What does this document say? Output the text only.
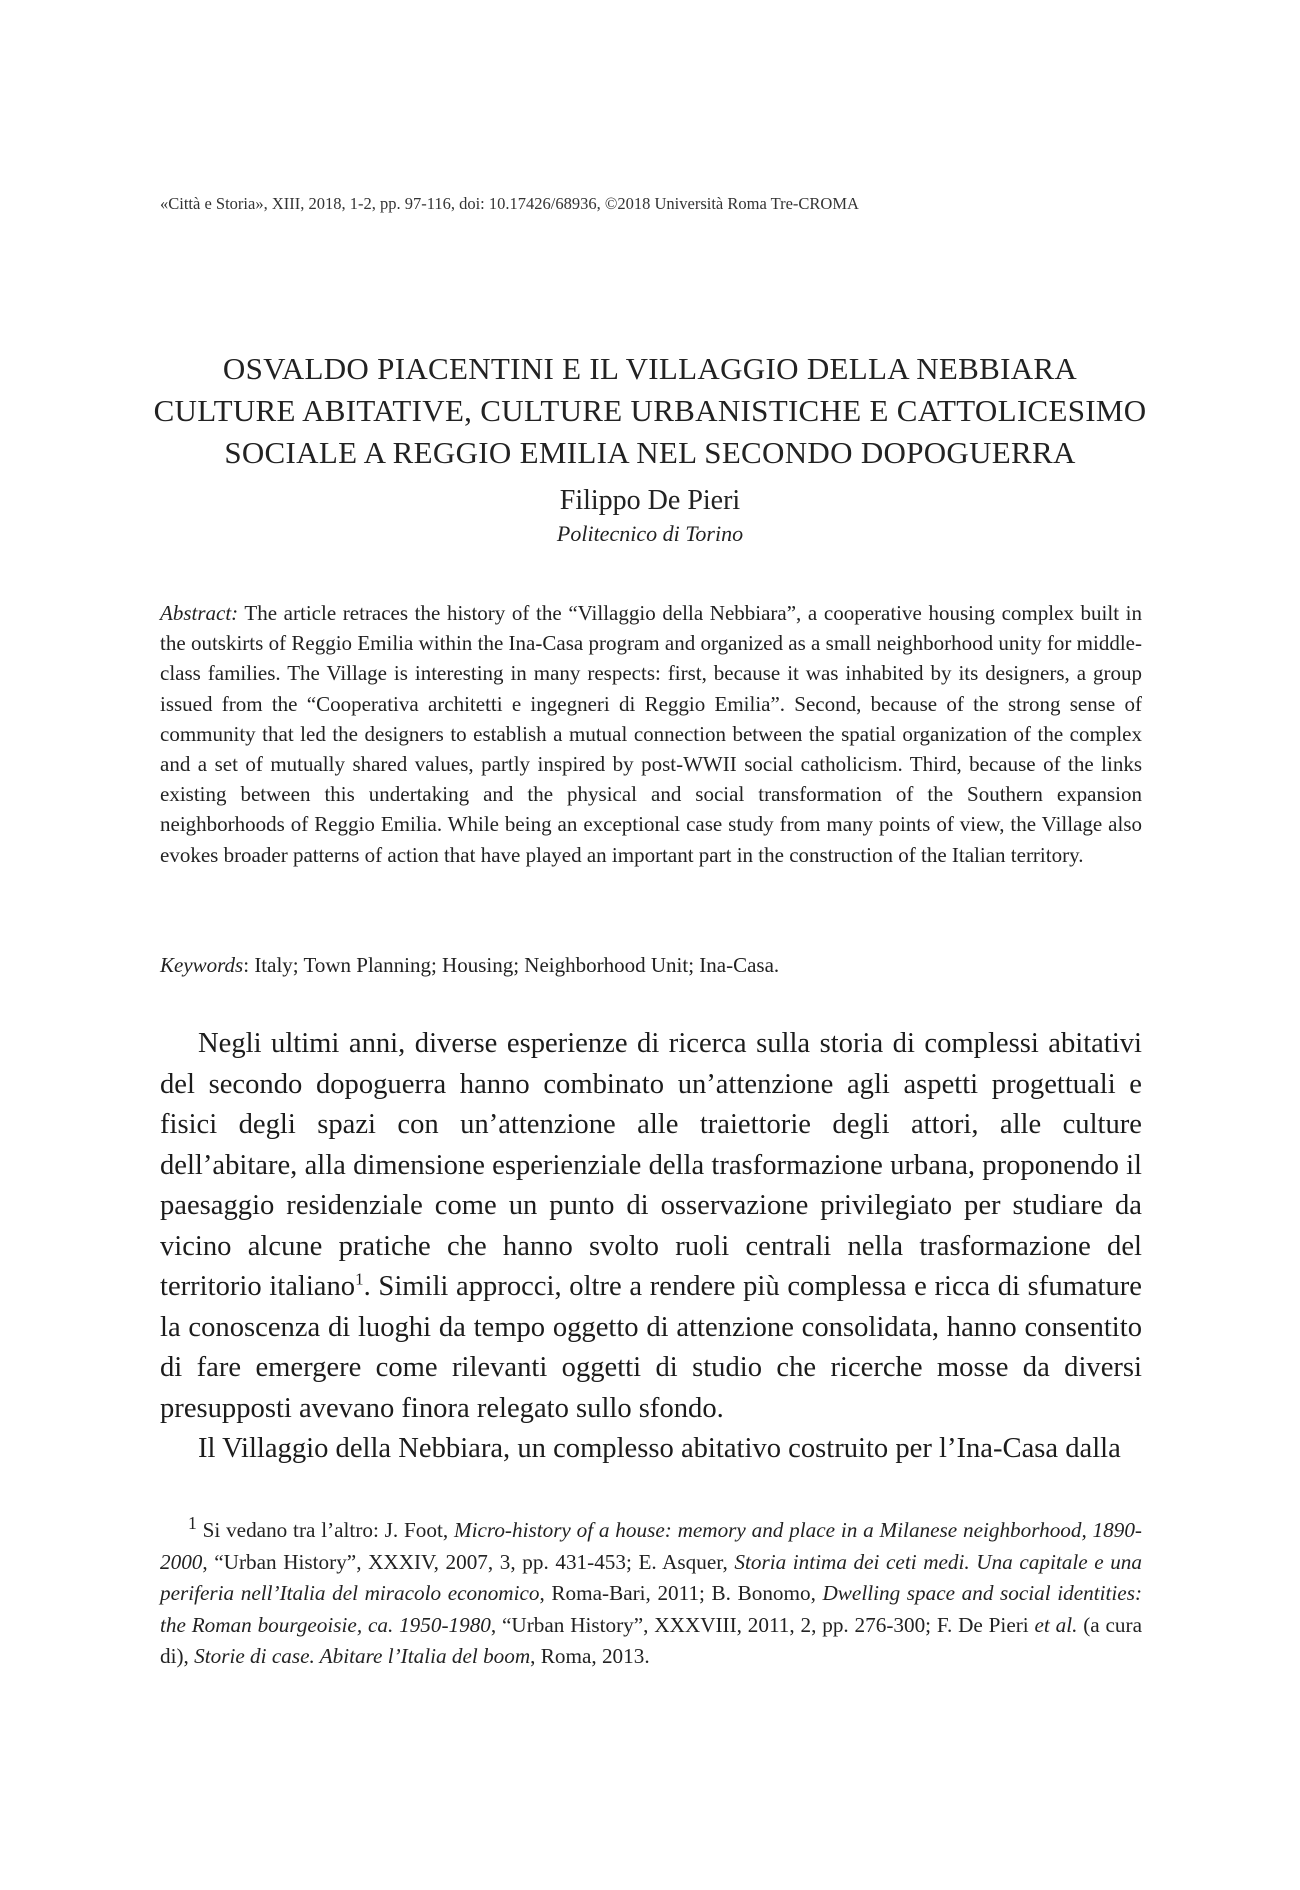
«Città e Storia», XIII, 2018, 1-2, pp. 97-116, doi: 10.17426/68936, ©2018 Università Roma Tre-CROMA
OSVALDO PIACENTINI E IL VILLAGGIO DELLA NEBBIARA
CULTURE ABITATIVE, CULTURE URBANISTICHE E CATTOLICESIMO
SOCIALE A REGGIO EMILIA NEL SECONDO DOPOGUERRA
Filippo De Pieri
Politecnico di Torino
Abstract: The article retraces the history of the “Villaggio della Nebbiara”, a cooperative housing complex built in the outskirts of Reggio Emilia within the Ina-Casa program and organized as a small neighborhood unity for middle-class families. The Village is interesting in many respects: first, because it was inhabited by its designers, a group issued from the “Cooperativa architetti e ingegneri di Reggio Emilia”. Second, because of the strong sense of community that led the designers to establish a mutual connection between the spatial organization of the complex and a set of mutually shared values, partly inspired by post-WWII social catholicism. Third, because of the links existing between this undertaking and the physical and social transformation of the Southern expansion neighborhoods of Reggio Emilia. While being an exceptional case study from many points of view, the Village also evokes broader patterns of action that have played an important part in the construction of the Italian territory.
Keywords: Italy; Town Planning; Housing; Neighborhood Unit; Ina-Casa.

Negli ultimi anni, diverse esperienze di ricerca sulla storia di complessi abitativi del secondo dopoguerra hanno combinato un’attenzione agli aspetti progettuali e fisici degli spazi con un’attenzione alle traiettorie degli attori, alle culture dell’abitare, alla dimensione esperienziale della trasformazione urbana, proponendo il paesaggio residenziale come un punto di osservazione privilegiato per studiare da vicino alcune pratiche che hanno svolto ruoli centrali nella trasformazione del territorio italiano$^1$. Simili approcci, oltre a rendere più complessa e ricca di sfumature la conoscenza di luoghi da tempo oggetto di attenzione consolidata, hanno consentito di fare emergere come rilevanti oggetti di studio che ricerche mosse da diversi presupposti avevano finora relegato sullo sfondo.

Il Villaggio della Nebbiara, un complesso abitativo costruito per l’Ina-Casa dalla

$^1$ Si vedano tra l’altro: J. Foot, Micro-history of a house: memory and place in a Milanese neighborhood, 1890-2000, “Urban History”, XXXIV, 2007, 3, pp. 431-453; E. Asquer, Storia intima dei ceti medi. Una capitale e una periferia nell’Italia del miracolo economico, Roma-Bari, 2011; B. Bonomo, Dwelling space and social identities: the Roman bourgeoisie, ca. 1950-1980, “Urban History”, XXXVIII, 2011, 2, pp. 276-300; F. De Pieri et al. (a cura di), Storie di case. Abitare l’Italia del boom, Roma, 2013.
